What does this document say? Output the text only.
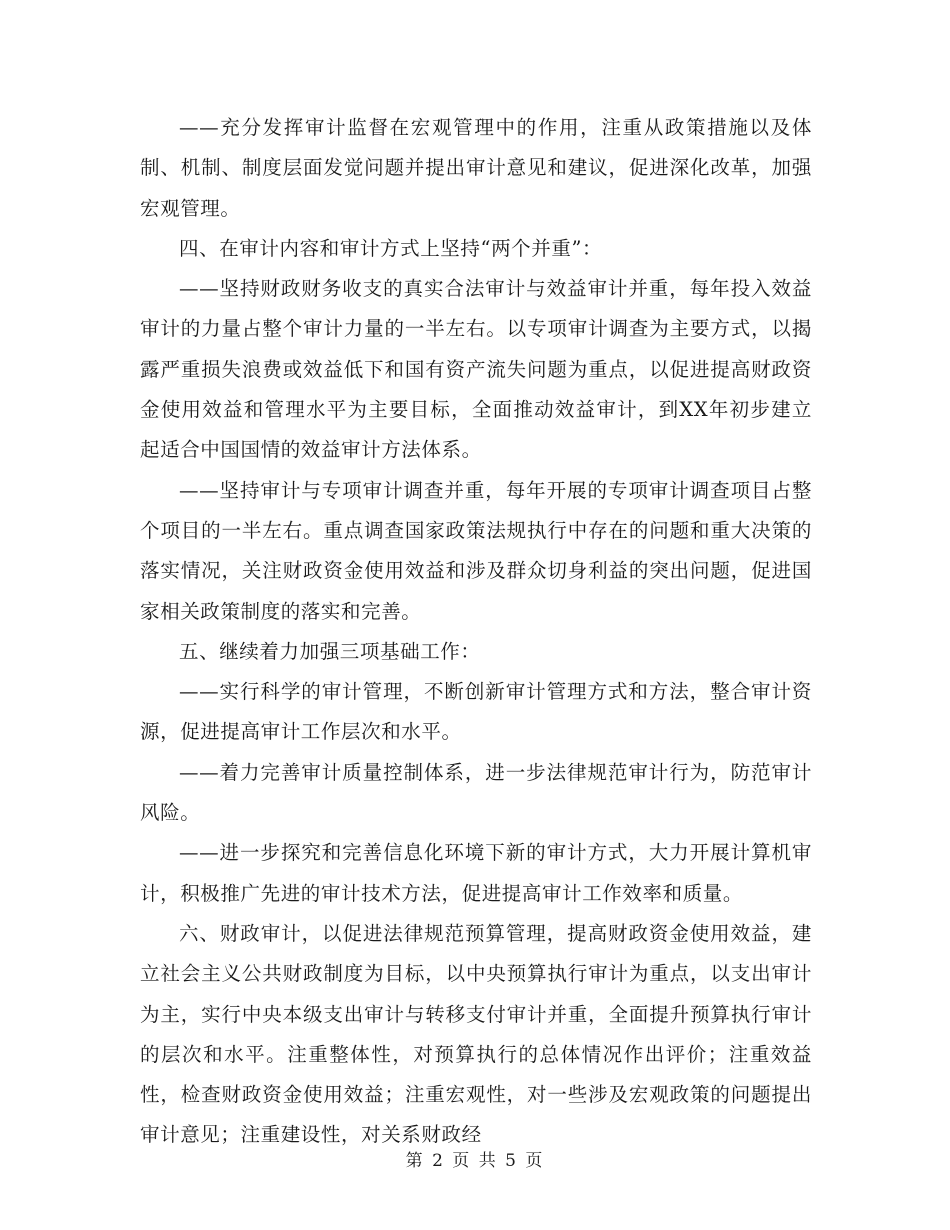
——充分发挥审计监督在宏观管理中的作用，注重从政策措施以及体制、机制、制度层面发觉问题并提出审计意见和建议，促进深化改革，加强宏观管理。

四、在审计内容和审计方式上坚持“两个并重”：

——坚持财政财务收支的真实合法审计与效益审计并重，每年投入效益审计的力量占整个审计力量的一半左右。以专项审计调查为主要方式，以揭露严重损失浪费或效益低下和国有资产流失问题为重点，以促进提高财政资金使用效益和管理水平为主要目标，全面推动效益审计，到XX年初步建立起适合中国国情的效益审计方法体系。

——坚持审计与专项审计调查并重，每年开展的专项审计调查项目占整个项目的一半左右。重点调查国家政策法规执行中存在的问题和重大决策的落实情况，关注财政资金使用效益和涉及群众切身利益的突出问题，促进国家相关政策制度的落实和完善。

五、继续着力加强三项基础工作：

——实行科学的审计管理，不断创新审计管理方式和方法，整合审计资源，促进提高审计工作层次和水平。

——着力完善审计质量控制体系，进一步法律规范审计行为，防范审计风险。

——进一步探究和完善信息化环境下新的审计方式，大力开展计算机审计，积极推广先进的审计技术方法，促进提高审计工作效率和质量。

六、财政审计，以促进法律规范预算管理，提高财政资金使用效益，建立社会主义公共财政制度为目标，以中央预算执行审计为重点，以支出审计为主，实行中央本级支出审计与转移支付审计并重，全面提升预算执行审计的层次和水平。注重整体性，对预算执行的总体情况作出评价；注重效益性，检查财政资金使用效益；注重宏观性，对一些涉及宏观政策的问题提出审计意见；注重建设性，对关系财政经

第 2 页 共 5 页
